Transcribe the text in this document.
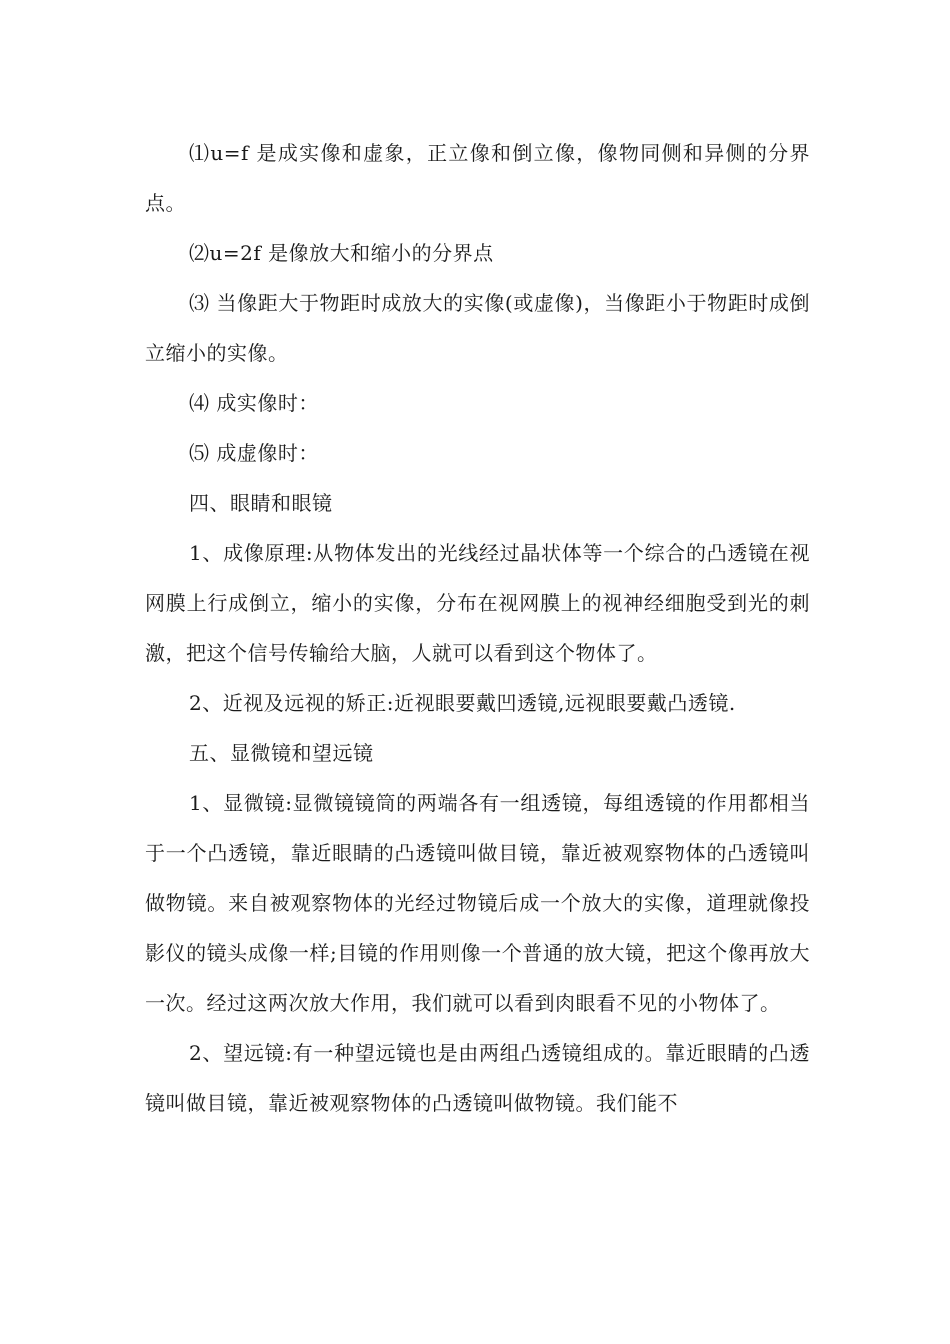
⑴u=f 是成实像和虚象，正立像和倒立像，像物同侧和异侧的分界点。

⑵u=2f 是像放大和缩小的分界点

⑶ 当像距大于物距时成放大的实像(或虚像)，当像距小于物距时成倒立缩小的实像。

⑷ 成实像时：

⑸ 成虚像时：

四、眼睛和眼镜

1、成像原理:从物体发出的光线经过晶状体等一个综合的凸透镜在视网膜上行成倒立，缩小的实像，分布在视网膜上的视神经细胞受到光的刺激，把这个信号传输给大脑，人就可以看到这个物体了。

2、近视及远视的矫正:近视眼要戴凹透镜,远视眼要戴凸透镜.

五、显微镜和望远镜

1、显微镜:显微镜镜筒的两端各有一组透镜，每组透镜的作用都相当于一个凸透镜，靠近眼睛的凸透镜叫做目镜，靠近被观察物体的凸透镜叫做物镜。来自被观察物体的光经过物镜后成一个放大的实像，道理就像投影仪的镜头成像一样;目镜的作用则像一个普通的放大镜，把这个像再放大一次。经过这两次放大作用，我们就可以看到肉眼看不见的小物体了。

2、望远镜:有一种望远镜也是由两组凸透镜组成的。靠近眼睛的凸透镜叫做目镜，靠近被观察物体的凸透镜叫做物镜。我们能不
